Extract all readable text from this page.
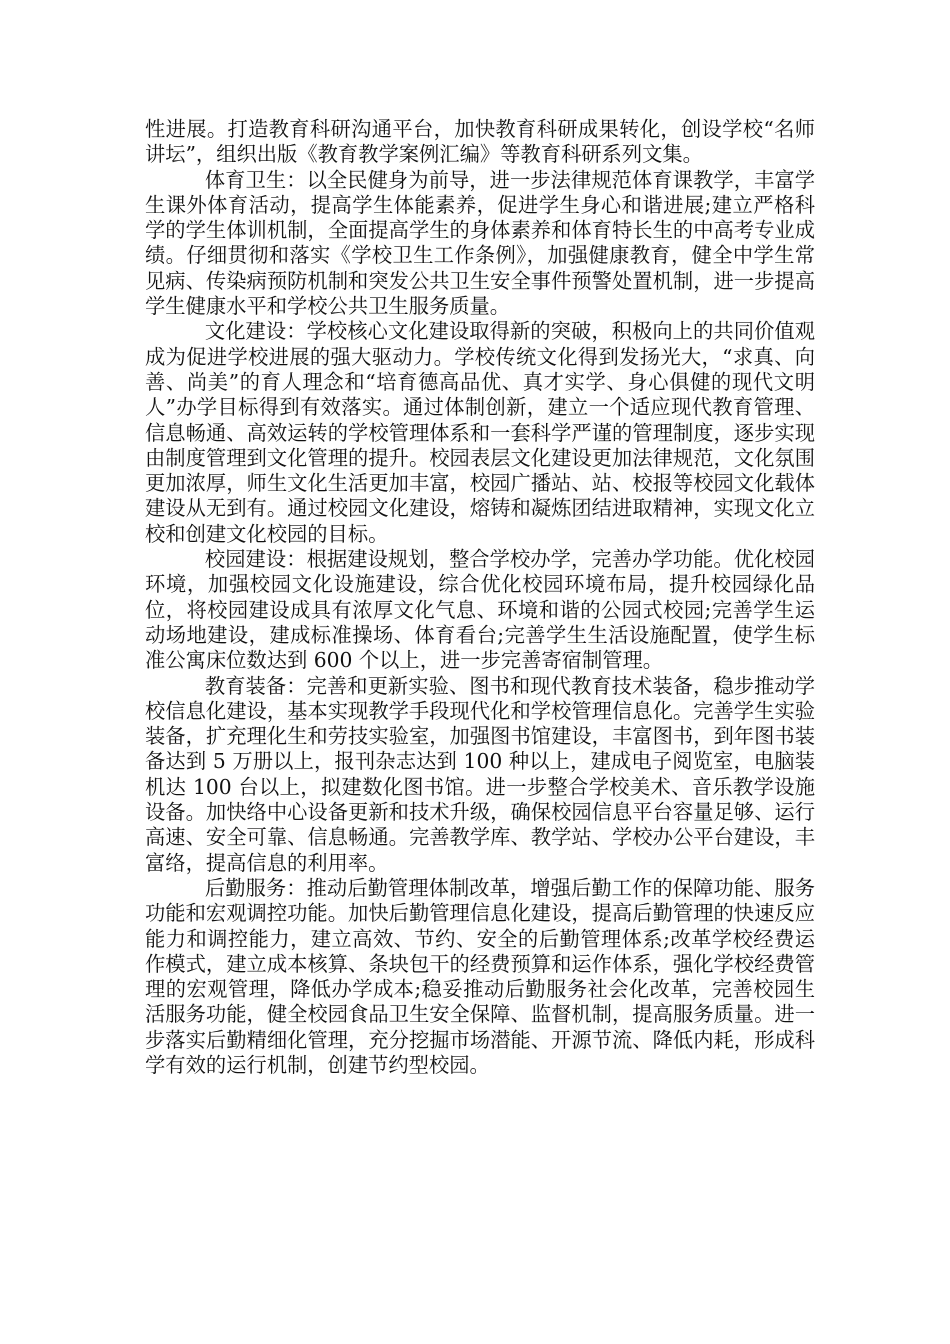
性进展。打造教育科研沟通平台，加快教育科研成果转化，创设学校“名师讲坛”，组织出版《教育教学案例汇编》等教育科研系列文集。

体育卫生：以全民健身为前导，进一步法律规范体育课教学，丰富学生课外体育活动，提高学生体能素养，促进学生身心和谐进展;建立严格科学的学生体训机制，全面提高学生的身体素养和体育特长生的中高考专业成绩。仔细贯彻和落实《学校卫生工作条例》，加强健康教育，健全中学生常见病、传染病预防机制和突发公共卫生安全事件预警处置机制，进一步提高学生健康水平和学校公共卫生服务质量。

文化建设：学校核心文化建设取得新的突破，积极向上的共同价值观成为促进学校进展的强大驱动力。学校传统文化得到发扬光大，“求真、向善、尚美”的育人理念和“培育德高品优、真才实学、身心俱健的现代文明人”办学目标得到有效落实。通过体制创新，建立一个适应现代教育管理、信息畅通、高效运转的学校管理体系和一套科学严谨的管理制度，逐步实现由制度管理到文化管理的提升。校园表层文化建设更加法律规范，文化氛围更加浓厚，师生文化生活更加丰富，校园广播站、站、校报等校园文化载体建设从无到有。通过校园文化建设，熔铸和凝炼团结进取精神，实现文化立校和创建文化校园的目标。

校园建设：根据建设规划，整合学校办学，完善办学功能。优化校园环境，加强校园文化设施建设，综合优化校园环境布局，提升校园绿化品位，将校园建设成具有浓厚文化气息、环境和谐的公园式校园;完善学生运动场地建设，建成标准操场、体育看台;完善学生生活设施配置，使学生标准公寓床位数达到 600 个以上，进一步完善寄宿制管理。

教育装备：完善和更新实验、图书和现代教育技术装备，稳步推动学校信息化建设，基本实现教学手段现代化和学校管理信息化。完善学生实验装备，扩充理化生和劳技实验室，加强图书馆建设，丰富图书，到年图书装备达到 5 万册以上，报刊杂志达到 100 种以上，建成电子阅览室，电脑装机达 100 台以上，拟建数化图书馆。进一步整合学校美术、音乐教学设施设备。加快络中心设备更新和技术升级，确保校园信息平台容量足够、运行高速、安全可靠、信息畅通。完善教学库、教学站、学校办公平台建设，丰富络，提高信息的利用率。

后勤服务：推动后勤管理体制改革，增强后勤工作的保障功能、服务功能和宏观调控功能。加快后勤管理信息化建设，提高后勤管理的快速反应能力和调控能力，建立高效、节约、安全的后勤管理体系;改革学校经费运作模式，建立成本核算、条块包干的经费预算和运作体系，强化学校经费管理的宏观管理，降低办学成本;稳妥推动后勤服务社会化改革，完善校园生活服务功能，健全校园食品卫生安全保障、监督机制，提高服务质量。进一步落实后勤精细化管理，充分挖掘市场潜能、开源节流、降低内耗，形成科学有效的运行机制，创建节约型校园。
